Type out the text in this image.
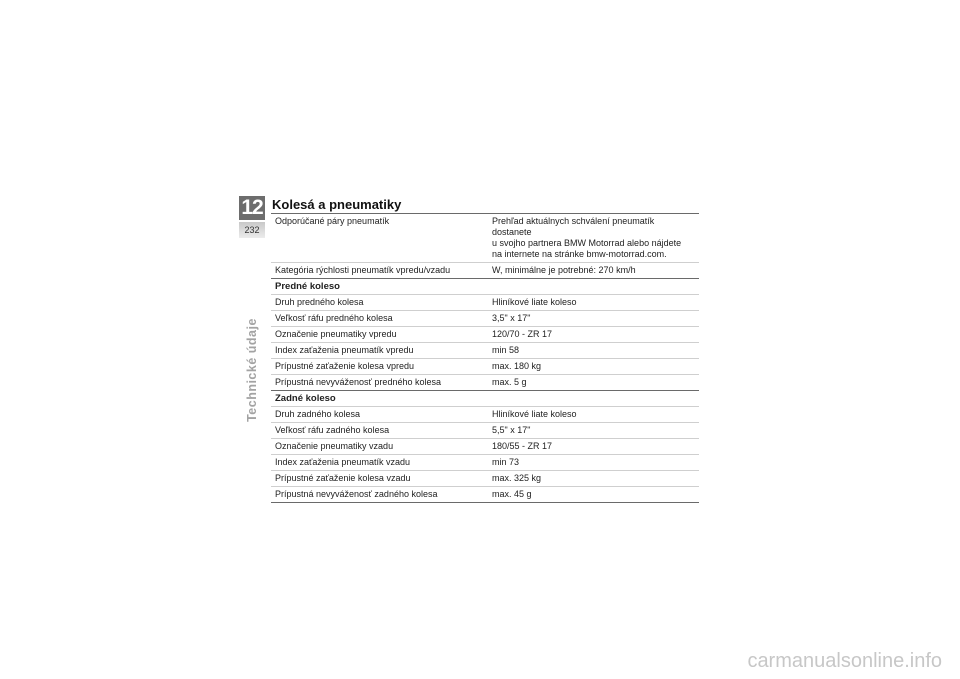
12
232
Technické údaje
Kolesá a pneumatiky
Odporúčané páry pneumatík	Prehľad aktuálnych schválení pneumatík dostanete
u svojho partnera BMW Motorrad alebo nájdete
na internete na stránke bmw-motorrad.com.
Kategória rýchlosti pneumatík vpredu/vzadu	W, minimálne je potrebné: 270 km/h
Predné koleso	
Druh predného kolesa	Hliníkové liate koleso
Veľkosť ráfu predného kolesa	3,5" x 17"
Označenie pneumatiky vpredu	120/70 - ZR 17
Index zaťaženia pneumatík vpredu	min 58
Prípustné zaťaženie kolesa vpredu	max. 180 kg
Prípustná nevyváženosť predného kolesa	max. 5 g
Zadné koleso	
Druh zadného kolesa	Hliníkové liate koleso
Veľkosť ráfu zadného kolesa	5,5" x 17"
Označenie pneumatiky vzadu	180/55 - ZR 17
Index zaťaženia pneumatík vzadu	min 73
Prípustné zaťaženie kolesa vzadu	max. 325 kg
Prípustná nevyváženosť zadného kolesa	max. 45 g
carmanualsonline.info
